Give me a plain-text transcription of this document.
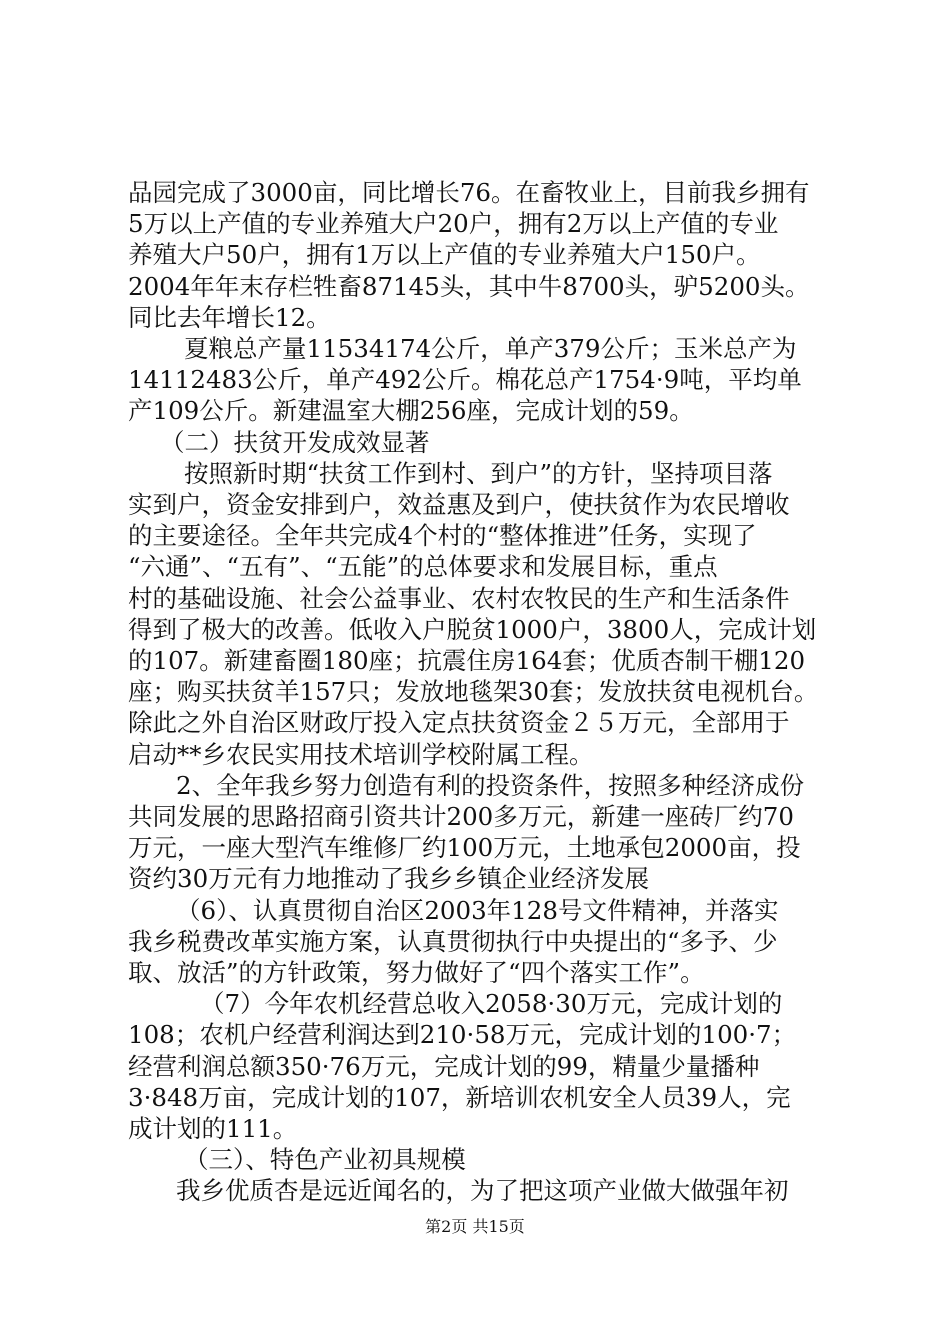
品园完成了3000亩，同比增长76。在畜牧业上，目前我乡拥有
5万以上产值的专业养殖大户20户，拥有2万以上产值的专业
养殖大户50户，拥有1万以上产值的专业养殖大户150户。
2004年年末存栏牲畜87145头，其中牛8700头，驴5200头。
同比去年增长12。
夏粮总产量11534174公斤，单产379公斤；玉米总产为
14112483公斤，单产492公斤。棉花总产1754·9吨，平均单
产109公斤。新建温室大棚256座，完成计划的59。
（二）扶贫开发成效显著
按照新时期“扶贫工作到村、到户”的方针，坚持项目落
实到户，资金安排到户，效益惠及到户，使扶贫作为农民增收
的主要途径。全年共完成4个村的“整体推进”任务，实现了
“六通”、“五有”、“五能”的总体要求和发展目标，重点
村的基础设施、社会公益事业、农村农牧民的生产和生活条件
得到了极大的改善。低收入户脱贫1000户，3800人，完成计划
的107。新建畜圈180座；抗震住房164套；优质杏制干棚120
座；购买扶贫羊157只；发放地毯架30套；发放扶贫电视机台。
除此之外自治区财政厅投入定点扶贫资金２５万元，全部用于
启动**乡农民实用技术培训学校附属工程。
2、全年我乡努力创造有利的投资条件，按照多种经济成份
共同发展的思路招商引资共计200多万元，新建一座砖厂约70
万元，一座大型汽车维修厂约100万元，土地承包2000亩，投
资约30万元有力地推动了我乡乡镇企业经济发展
（6）、认真贯彻自治区2003年128号文件精神，并落实
我乡税费改革实施方案，认真贯彻执行中央提出的“多予、少
取、放活”的方针政策，努力做好了“四个落实工作”。
（7）今年农机经营总收入2058·30万元，完成计划的
108；农机户经营利润达到210·58万元，完成计划的100·7；
经营利润总额350·76万元，完成计划的99，精量少量播种
3·848万亩，完成计划的107，新培训农机安全人员39人，完
成计划的111。
（三）、特色产业初具规模
我乡优质杏是远近闻名的，为了把这项产业做大做强年初
第2页 共15页
